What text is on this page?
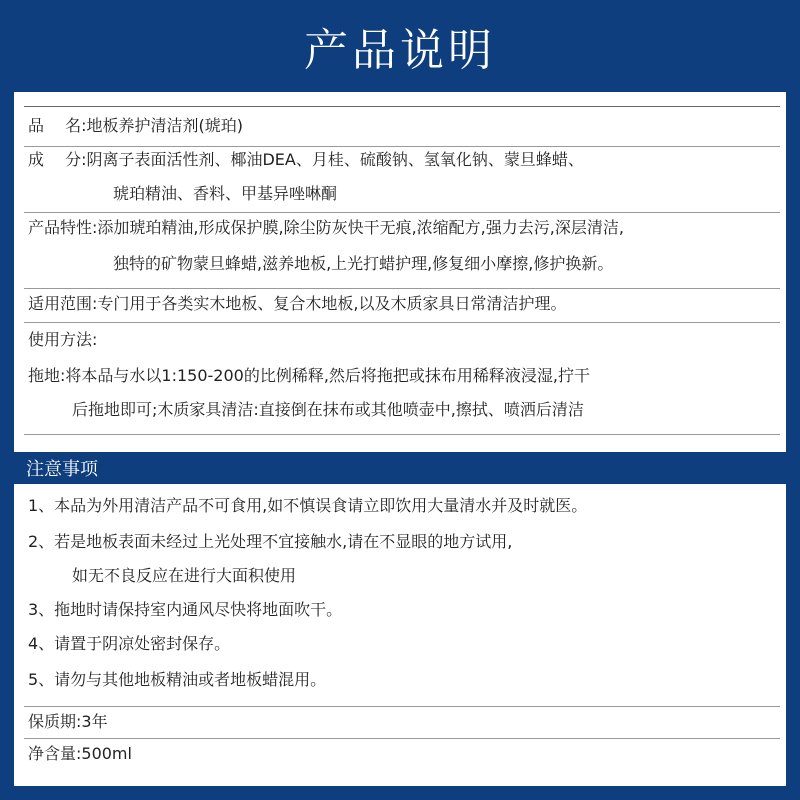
产品说明
品　 名:地板养护清洁剂(琥珀)
成　 分:阴离子表面活性剂、椰油DEA、月桂、硫酸钠、氢氧化钠、蒙旦蜂蜡、
琥珀精油、香料、甲基异唑啉酮
产品特性:添加琥珀精油,形成保护膜,除尘防灰快干无痕,浓缩配方,强力去污,深层清洁,
独特的矿物蒙旦蜂蜡,滋养地板,上光打蜡护理,修复细小摩擦,修护换新。
适用范围:专门用于各类实木地板、复合木地板,以及木质家具日常清洁护理。
使用方法:
拖地:将本品与水以1:150-200的比例稀释,然后将拖把或抹布用稀释液浸湿,拧干
后拖地即可;木质家具清洁:直接倒在抹布或其他喷壶中,擦拭、喷洒后清洁
注意事项
1、本品为外用清洁产品不可食用,如不慎误食请立即饮用大量清水并及时就医。
2、若是地板表面未经过上光处理不宜接触水,请在不显眼的地方试用,
如无不良反应在进行大面积使用
3、拖地时请保持室内通风尽快将地面吹干。
4、请置于阴凉处密封保存。
5、请勿与其他地板精油或者地板蜡混用。
保质期:3年
净含量:500ml
